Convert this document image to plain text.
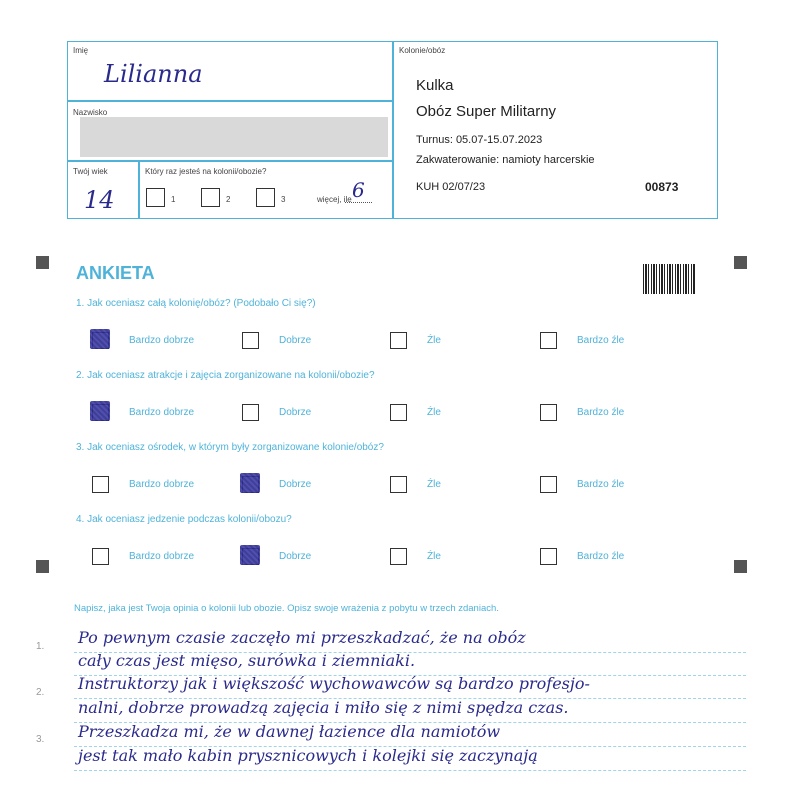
Imię
Lilianna
Nazwisko
Twój wiek
14
Który raz jesteś na kolonii/obozie?
1	2	3	więcej, ile 6
Kolonie/obóz
Kulka
Obóz Super Militarny
Turnus: 05.07-15.07.2023
Zakwaterowanie: namioty harcerskie
KUH 02/07/23	00873
ANKIETA
1. Jak oceniasz całą kolonię/obóz? (Podobało Ci się?)
Bardzo dobrze	Dobrze	Źle	Bardzo źle
2. Jak oceniasz atrakcje i zajęcia zorganizowane na kolonii/obozie?
Bardzo dobrze	Dobrze	Źle	Bardzo źle
3. Jak oceniasz ośrodek, w którym były zorganizowane kolonie/obóz?
Bardzo dobrze	Dobrze	Źle	Bardzo źle
4. Jak oceniasz jedzenie podczas kolonii/obozu?
Bardzo dobrze	Dobrze	Źle	Bardzo źle
Napisz, jaka jest Twoja opinia o kolonii lub obozie. Opisz swoje wrażenia z pobytu w trzech zdaniach.
1.
2.
3.
Po pewnym czasie zaczęło mi przeszkadzać, że na obóz
cały czas jest mięso, surówka i ziemniaki.
Instruktorzy jak i większość wychowawców są bardzo profesjo-
nalni, dobrze prowadzą zajęcia i miło się z nimi spędza czas.
Przeszkadza mi, że w dawnej łazience dla namiotów
jest tak mało kabin prysznicowych i kolejki się zaczynają
